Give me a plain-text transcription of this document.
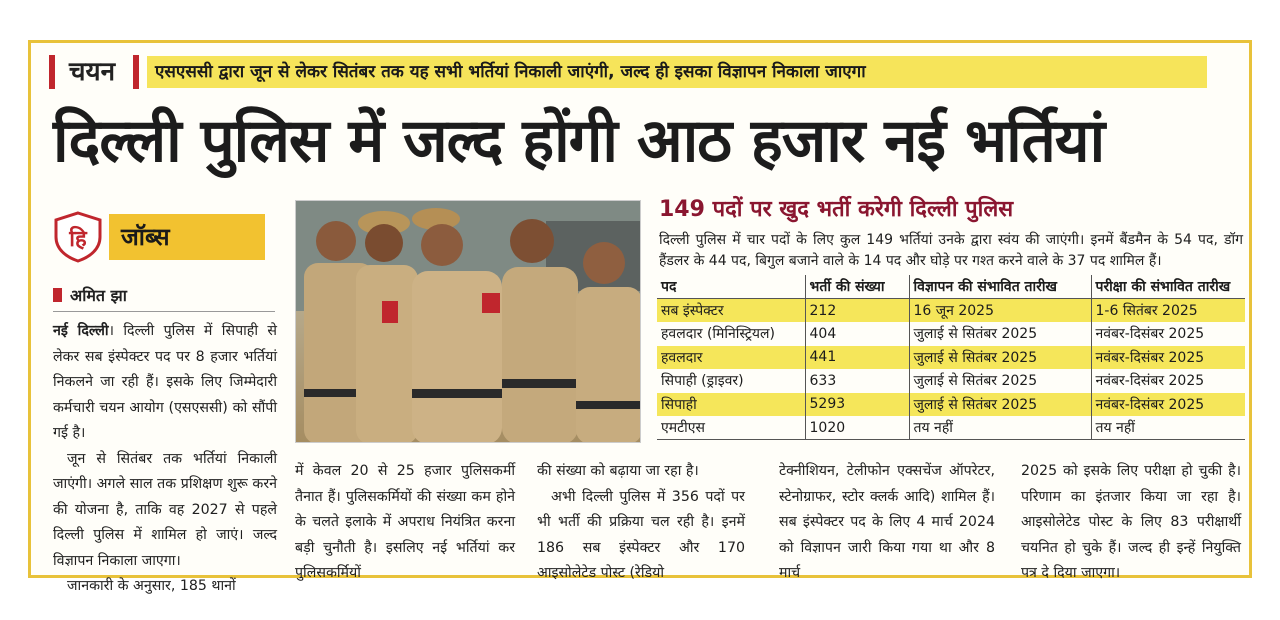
चयन	एसएससी द्वारा जून से लेकर सितंबर तक यह सभी भर्तियां निकाली जाएंगी, जल्द ही इसका विज्ञापन निकाला जाएगा
दिल्ली पुलिस में जल्द होंगी आठ हजार नई भर्तियां
हि	जॉब्स
अमित झा

नई दिल्ली। दिल्ली पुलिस में सिपाही से लेकर सब इंस्पेक्टर पद पर 8 हजार भर्तियां निकलने जा रही हैं। इसके लिए जिम्मेदारी कर्मचारी चयन आयोग (एसएससी) को सौंपी गई है।

जून से सितंबर तक भर्तियां निकाली जाएंगी। अगले साल तक प्रशिक्षण शुरू करने की योजना है, ताकि वह 2027 से पहले दिल्ली पुलिस में शामिल हो जाएं। जल्द विज्ञापन निकाला जाएगा।

जानकारी के अनुसार, 185 थानों

149 पदों पर खुद भर्ती करेगी दिल्ली पुलिस
दिल्ली पुलिस में चार पदों के लिए कुल 149 भर्तियां उनके द्वारा स्वंय की जाएंगी। इनमें बैंडमैन के 54 पद, डॉग हैंडलर के 44 पद, बिगुल बजाने वाले के 14 पद और घोड़े पर गश्त करने वाले के 37 पद शामिल हैं।
पद	भर्ती की संख्या	विज्ञापन की संभावित तारीख	परीक्षा की संभावित तारीख
सब इंस्पेक्टर	212	16 जून 2025	1-6 सितंबर 2025
हवलदार (मिनिस्ट्रियल)	404	जुलाई से सितंबर 2025	नवंबर-दिसंबर 2025
हवलदार	441	जुलाई से सितंबर 2025	नवंबर-दिसंबर 2025
सिपाही (ड्राइवर)	633	जुलाई से सितंबर 2025	नवंबर-दिसंबर 2025
सिपाही	5293	जुलाई से सितंबर 2025	नवंबर-दिसंबर 2025
एमटीएस	1020	तय नहीं	तय नहीं

में केवल 20 से 25 हजार पुलिसकर्मी तैनात हैं। पुलिसकर्मियों की संख्या कम होने के चलते इलाके में अपराध नियंत्रित करना बड़ी चुनौती है। इसलिए नई भर्तियां कर पुलिसकर्मियों

की संख्या को बढ़ाया जा रहा है।

अभी दिल्ली पुलिस में 356 पदों पर भी भर्ती की प्रक्रिया चल रही है। इनमें 186 सब इंस्पेक्टर और 170 आइसोलेटेड पोस्ट (रेडियो

टेक्नीशियन, टेलीफोन एक्सचेंज ऑपरेटर, स्टेनोग्राफर, स्टोर क्लर्क आदि) शामिल हैं। सब इंस्पेक्टर पद के लिए 4 मार्च 2024 को विज्ञापन जारी किया गया था और 8 मार्च

2025 को इसके लिए परीक्षा हो चुकी है। परिणाम का इंतजार किया जा रहा है। आइसोलेटेड पोस्ट के लिए 83 परीक्षार्थी चयनित हो चुके हैं। जल्द ही इन्हें नियुक्ति पत्र दे दिया जाएगा।
